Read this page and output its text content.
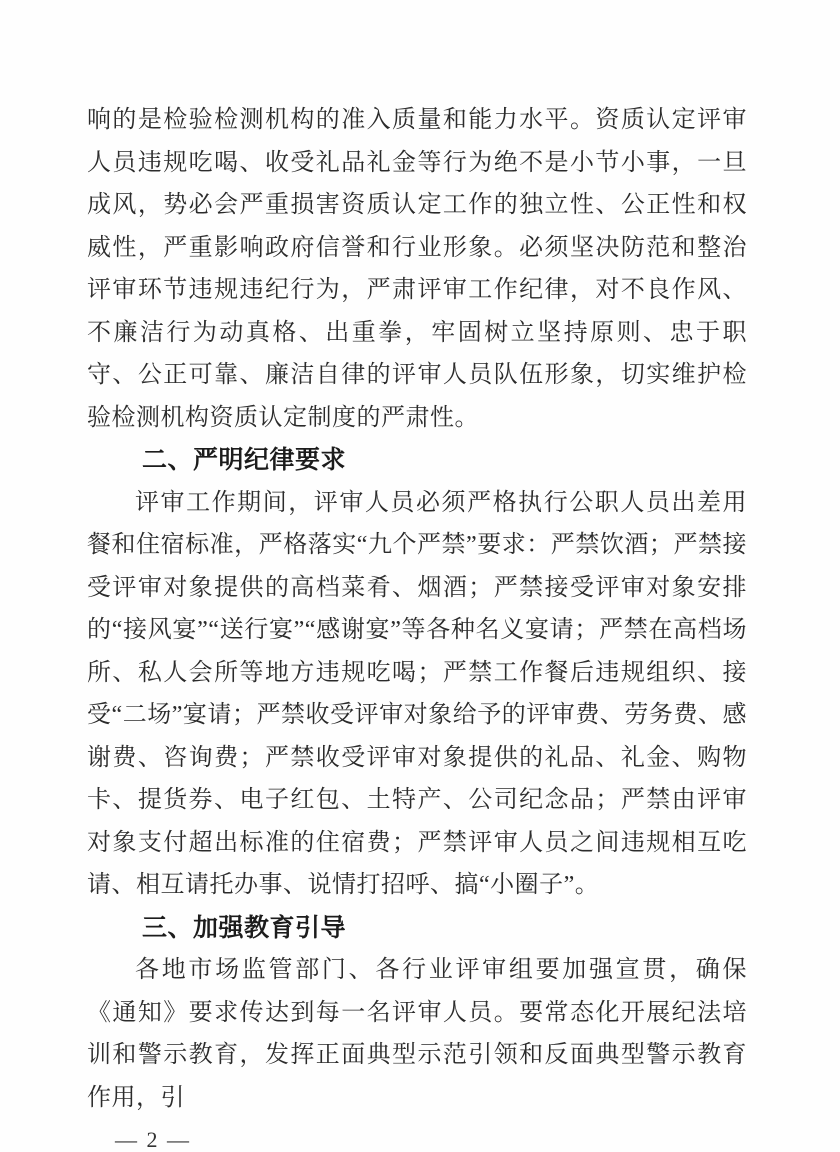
响的是检验检测机构的准入质量和能力水平。资质认定评审人员违规吃喝、收受礼品礼金等行为绝不是小节小事，一旦成风，势必会严重损害资质认定工作的独立性、公正性和权威性，严重影响政府信誉和行业形象。必须坚决防范和整治评审环节违规违纪行为，严肃评审工作纪律，对不良作风、不廉洁行为动真格、出重拳，牢固树立坚持原则、忠于职守、公正可靠、廉洁自律的评审人员队伍形象，切实维护检验检测机构资质认定制度的严肃性。

二、严明纪律要求

评审工作期间，评审人员必须严格执行公职人员出差用餐和住宿标准，严格落实“九个严禁”要求：严禁饮酒；严禁接受评审对象提供的高档菜肴、烟酒；严禁接受评审对象安排的“接风宴”“送行宴”“感谢宴”等各种名义宴请；严禁在高档场所、私人会所等地方违规吃喝；严禁工作餐后违规组织、接受“二场”宴请；严禁收受评审对象给予的评审费、劳务费、感谢费、咨询费；严禁收受评审对象提供的礼品、礼金、购物卡、提货券、电子红包、土特产、公司纪念品；严禁由评审对象支付超出标准的住宿费；严禁评审人员之间违规相互吃请、相互请托办事、说情打招呼、搞“小圈子”。

三、加强教育引导

各地市场监管部门、各行业评审组要加强宣贯，确保《通知》要求传达到每一名评审人员。要常态化开展纪法培训和警示教育，发挥正面典型示范引领和反面典型警示教育作用，引

— 2 —
